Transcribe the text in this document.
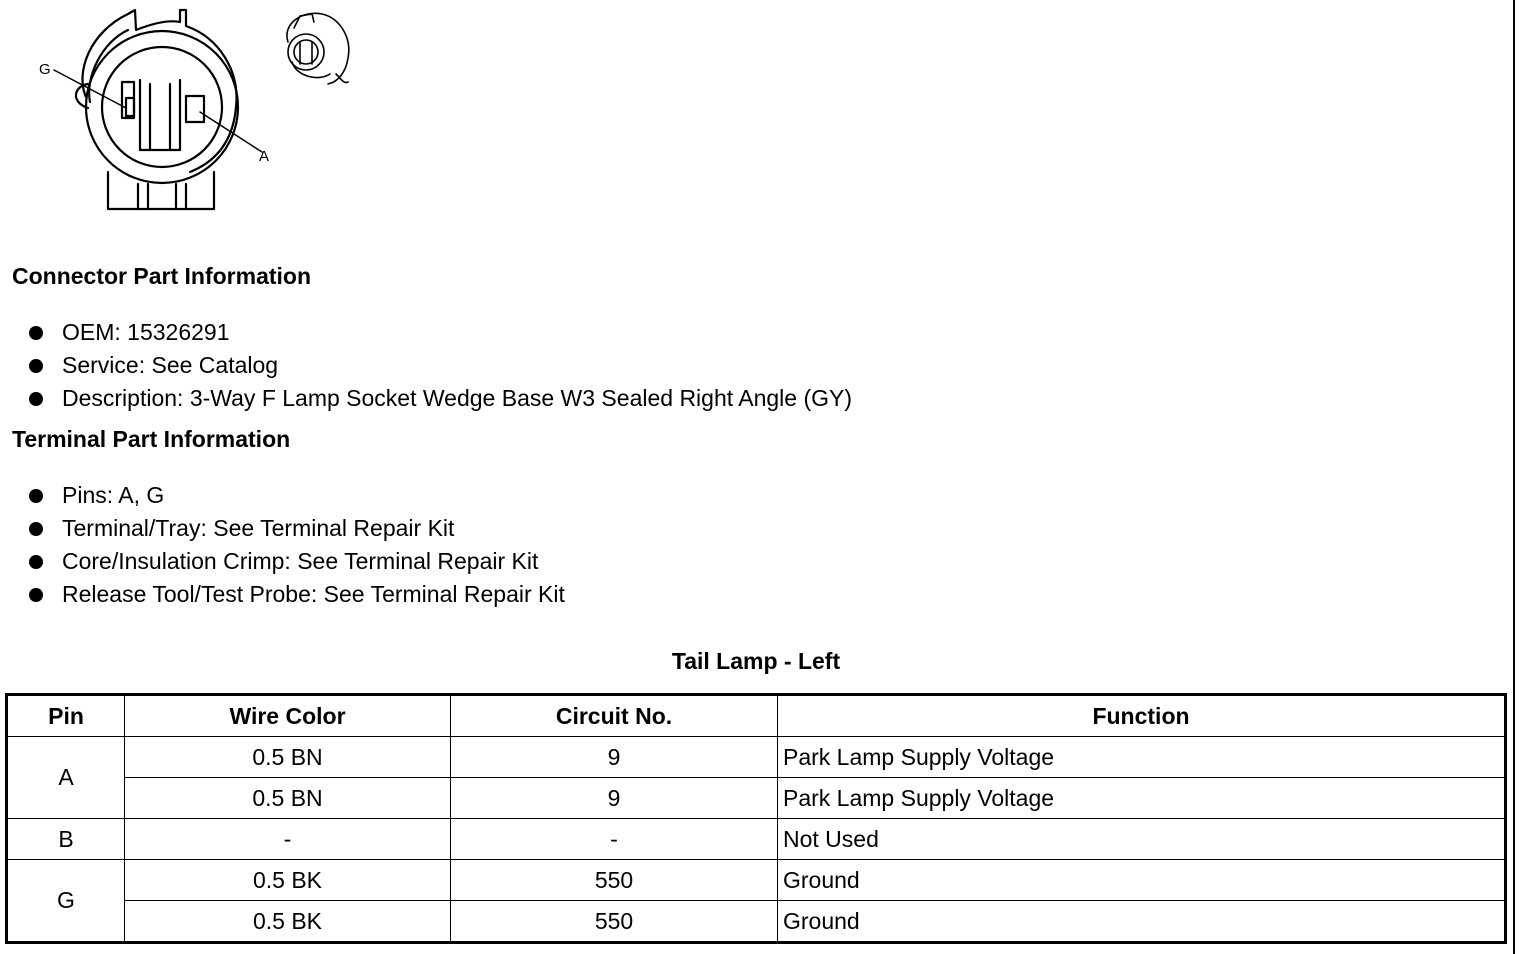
G
A
Connector Part Information
OEM: 15326291
Service: See Catalog
Description: 3-Way F Lamp Socket Wedge Base W3 Sealed Right Angle (GY)
Terminal Part Information
Pins: A, G
Terminal/Tray: See Terminal Repair Kit
Core/Insulation Crimp: See Terminal Repair Kit
Release Tool/Test Probe: See Terminal Repair Kit
Tail Lamp - Left
Pin	Wire Color	Circuit No.	Function
A	0.5 BN	9	Park Lamp Supply Voltage
	0.5 BN	9	Park Lamp Supply Voltage
B	-	-	Not Used
G	0.5 BK	550	Ground
	0.5 BK	550	Ground
